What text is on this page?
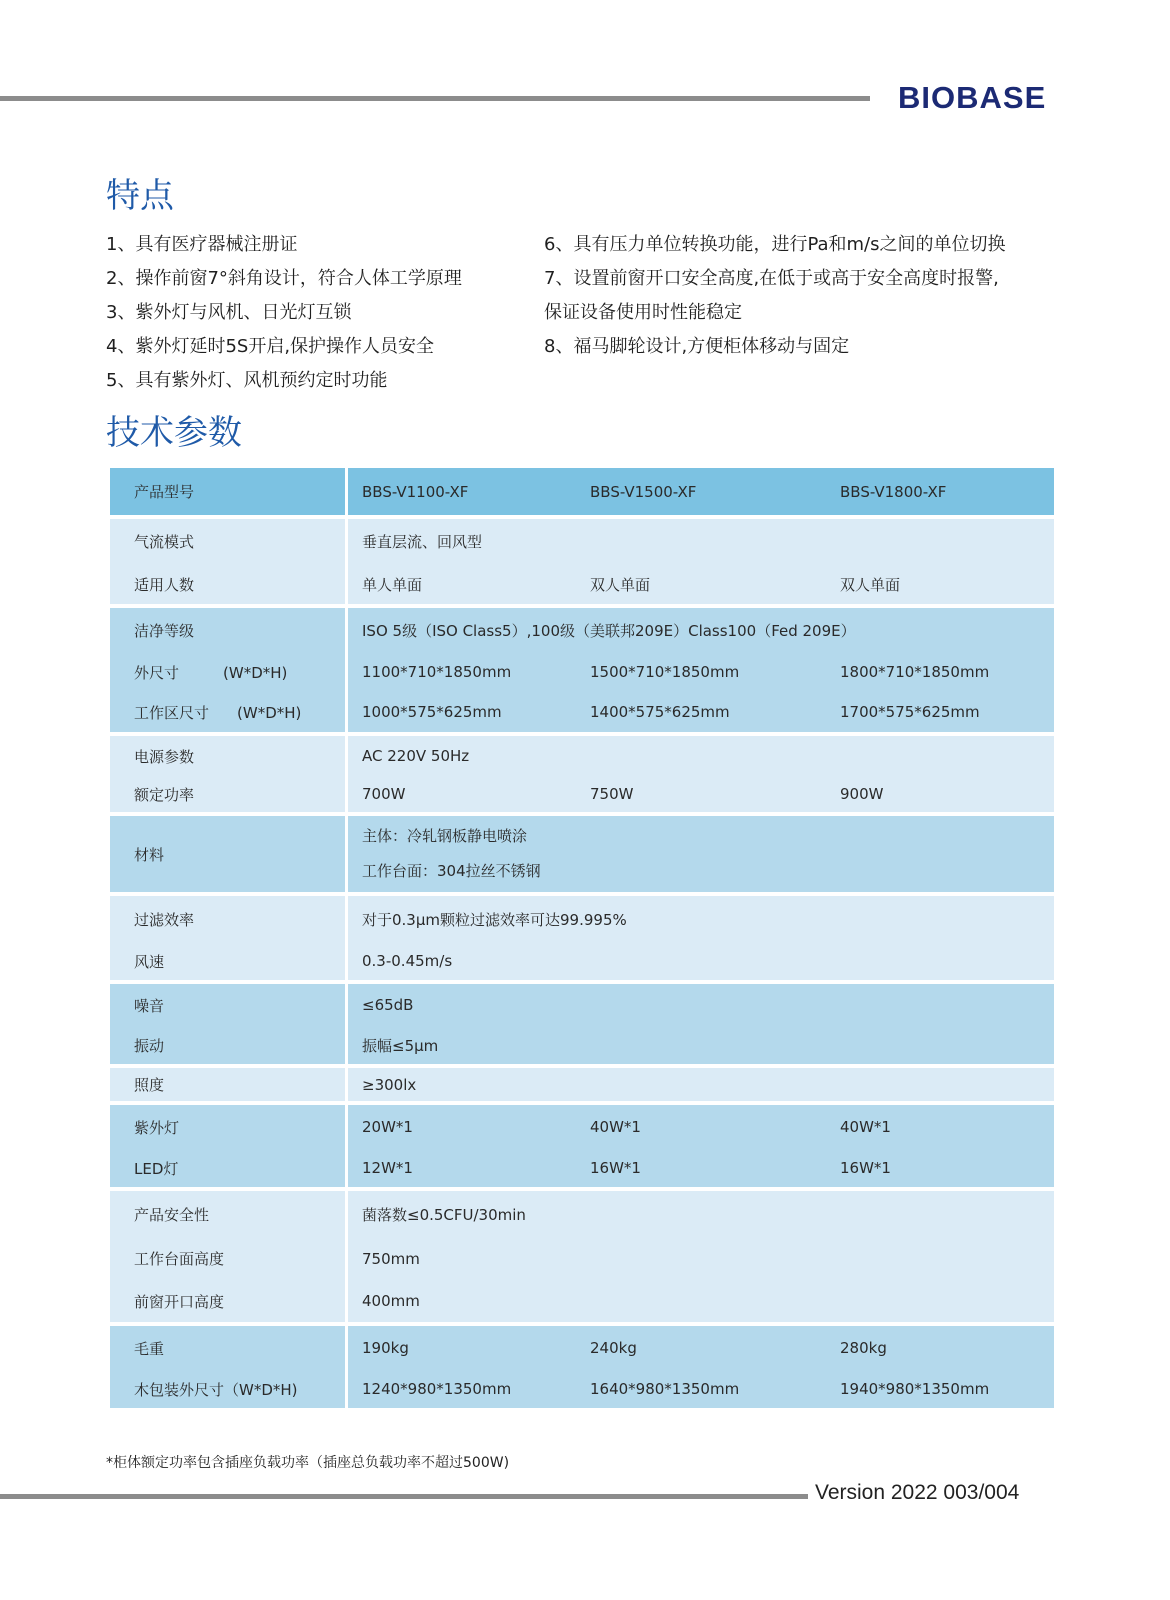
BIOBASE
特点
1、具有医疗器械注册证
2、操作前窗7°斜角设计，符合人体工学原理
3、紫外灯与风机、日光灯互锁
4、紫外灯延时5S开启,保护操作人员安全
5、具有紫外灯、风机预约定时功能
6、具有压力单位转换功能，进行Pa和m/s之间的单位切换
7、设置前窗开口安全高度,在低于或高于安全高度时报警,
保证设备使用时性能稳定
8、福马脚轮设计,方便柜体移动与固定
技术参数
产品型号	BBS-V1100-XF	BBS-V1500-XF	BBS-V1800-XF

气流模式	垂直层流、回风型		
适用人数	单人单面	双人单面	双人单面

洁净等级	ISO 5级（ISO Class5）,100级（美联邦209E）Class100（Fed 209E）		
外尺寸 (W*D*H)	1100*710*1850mm	1500*710*1850mm	1800*710*1850mm
工作区尺寸 (W*D*H)	1000*575*625mm	1400*575*625mm	1700*575*625mm

电源参数	AC 220V 50Hz		
额定功率	700W	750W	900W

材料	主体：冷轧钢板静电喷涂
工作台面：304拉丝不锈钢		

过滤效率	对于0.3μm颗粒过滤效率可达99.995%		
风速	0.3-0.45m/s		

噪音	≤65dB		
振动	振幅≤5μm		

照度	≥300lx		

紫外灯	20W*1	40W*1	40W*1
LED灯	12W*1	16W*1	16W*1

产品安全性	菌落数≤0.5CFU/30min		
工作台面高度	750mm		
前窗开口高度	400mm		

毛重	190kg	240kg	280kg
木包装外尺寸（W*D*H)	1240*980*1350mm	1640*980*1350mm	1940*980*1350mm
*柜体额定功率包含插座负载功率（插座总负载功率不超过500W)
Version 2022 003/004
